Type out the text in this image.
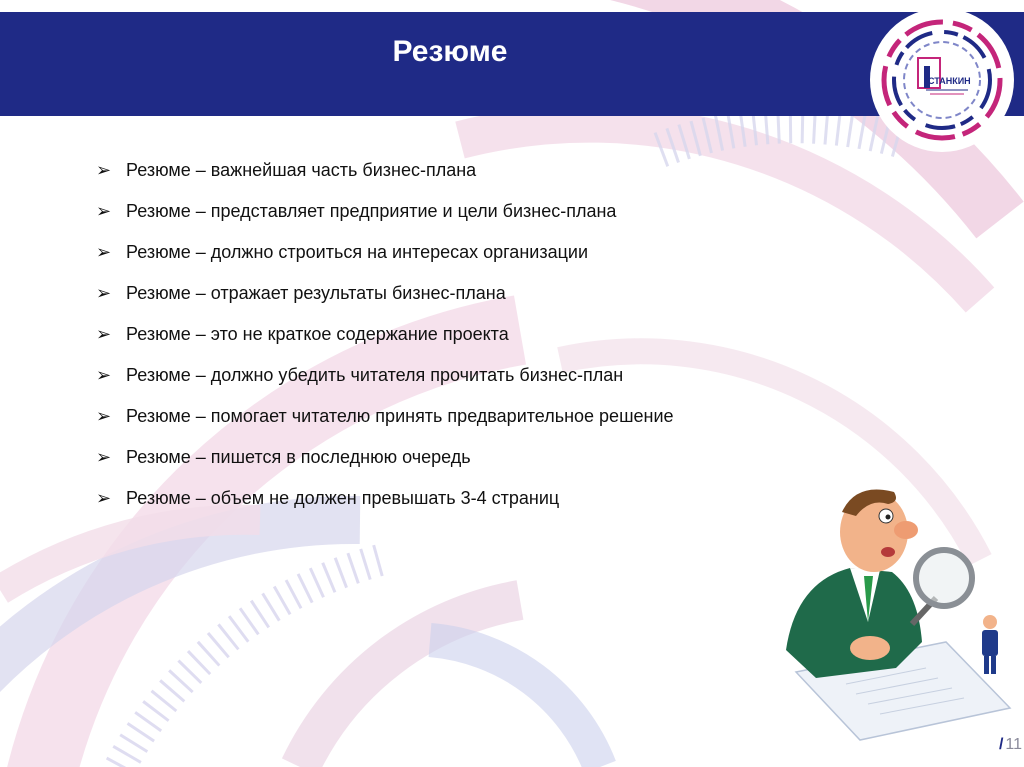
Резюме
СТАНКИН
➢ Резюме – важнейшая часть бизнес-плана
➢ Резюме – представляет предприятие и цели бизнес-плана
➢ Резюме – должно строиться на интересах организации
➢ Резюме – отражает результаты бизнес-плана
➢ Резюме – это не краткое содержание проекта
➢ Резюме – должно убедить читателя прочитать бизнес-план
➢ Резюме – помогает читателю принять предварительное решение
➢ Резюме – пишется в последнюю очередь
➢ Резюме – объем не должен превышать 3-4 страниц
/ 11
